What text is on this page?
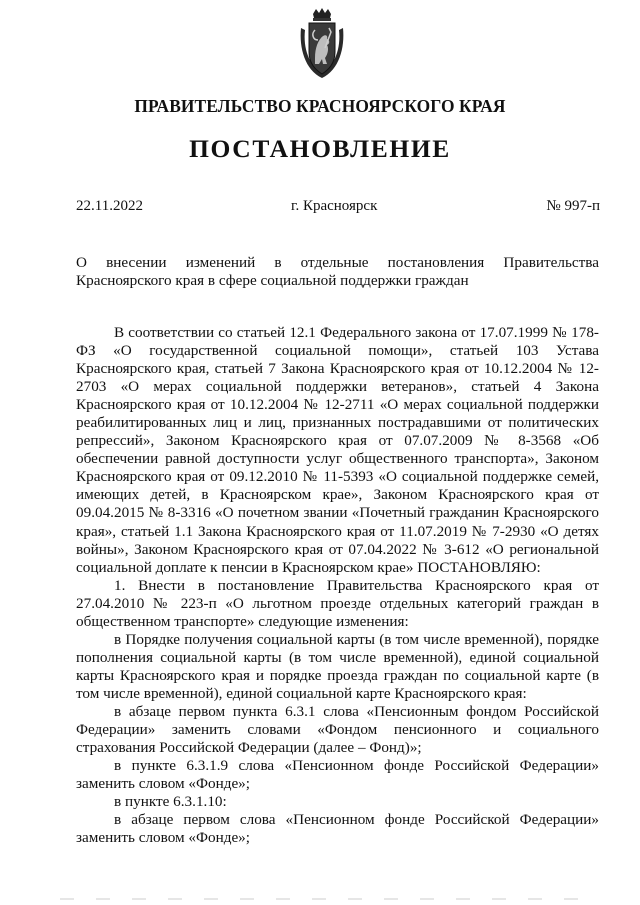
ПРАВИТЕЛЬСТВО КРАСНОЯРСКОГО КРАЯ
ПОСТАНОВЛЕНИЕ
22.11.2022	г. Красноярск	№ 997-п

О внесении изменений в отдельные постановления Правительства Красноярского края в сфере социальной поддержки граждан

В соответствии со статьей 12.1 Федерального закона от 17.07.1999 № 178-ФЗ «О государственной социальной помощи», статьей 103 Устава Красноярского края, статьей 7 Закона Красноярского края от 10.12.2004 № 12-2703 «О мерах социальной поддержки ветеранов», статьей 4 Закона Красноярского края от 10.12.2004 № 12-2711 «О мерах социальной поддержки реабилитированных лиц и лиц, признанных пострадавшими от политических репрессий», Законом Красноярского края от 07.07.2009 № 8-3568 «Об обеспечении равной доступности услуг общественного транспорта», Законом Красноярского края от 09.12.2010 № 11-5393 «О социальной поддержке семей, имеющих детей, в Красноярском крае», Законом Красноярского края от 09.04.2015 № 8-3316 «О почетном звании «Почетный гражданин Красноярского края», статьей 1.1 Закона Красноярского края от 11.07.2019 № 7-2930 «О детях войны», Законом Красноярского края от 07.04.2022 № 3-612 «О региональной социальной доплате к пенсии в Красноярском крае» ПОСТАНОВЛЯЮ:

1. Внести в постановление Правительства Красноярского края от 27.04.2010 № 223-п «О льготном проезде отдельных категорий граждан в общественном транспорте» следующие изменения:

в Порядке получения социальной карты (в том числе временной), порядке пополнения социальной карты (в том числе временной), единой социальной карты Красноярского края и порядке проезда граждан по социальной карте (в том числе временной), единой социальной карте Красноярского края:

в абзаце первом пункта 6.3.1 слова «Пенсионным фондом Российской Федерации» заменить словами «Фондом пенсионного и социального страхования Российской Федерации (далее – Фонд)»;

в пункте 6.3.1.9 слова «Пенсионном фонде Российской Федерации» заменить словом «Фонде»;

в пункте 6.3.1.10:

в абзаце первом слова «Пенсионном фонде Российской Федерации» заменить словом «Фонде»;
